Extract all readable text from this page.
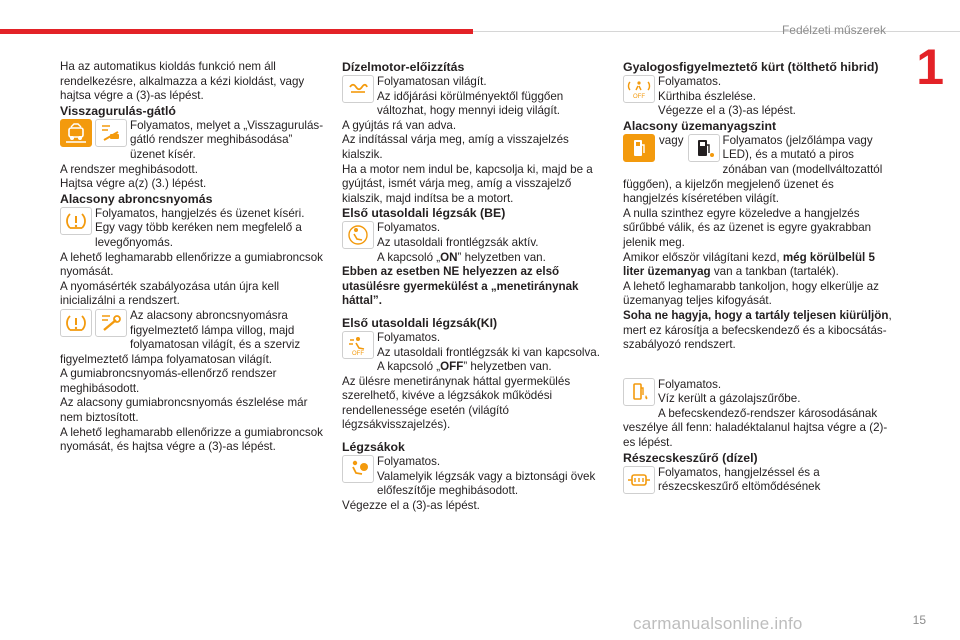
Fedélzeti műszerek
1

Ha az automatikus kioldás funkció nem áll rendelkezésre, alkalmazza a kézi kioldást, vagy hajtsa végre a (3)-as lépést.

Visszagurulás-gátló

Folyamatos, melyet a „Visszagurulás-gátló rendszer meghibásodása” üzenet kísér.

A rendszer meghibásodott.

Hajtsa végre a(z) (3.) lépést.

Alacsony abroncsnyomás

Folyamatos, hangjelzés és üzenet kíséri.

Egy vagy több keréken nem megfelelő a levegőnyomás.

A lehető leghamarabb ellenőrizze a gumiabroncsok nyomását.

A nyomásérték szabályozása után újra kell inicializálni a rendszert.

Az alacsony abroncsnyomásra figyelmeztető lámpa villog, majd folyamatosan világít, és a szerviz figyelmeztető lámpa folyamatosan világít.

A gumiabroncsnyomás-ellenőrző rendszer meghibásodott.

Az alacsony gumiabroncsnyomás észlelése már nem biztosított.

A lehető leghamarabb ellenőrizze a gumiabroncsok nyomását, és hajtsa végre a (3)-as lépést.

Dízelmotor-előizzítás

Folyamatosan világít.

Az időjárási körülményektől függően változhat, hogy mennyi ideig világít.

A gyújtás rá van adva.

Az indítással várja meg, amíg a visszajelzés kialszik.

Ha a motor nem indul be, kapcsolja ki, majd be a gyújtást, ismét várja meg, amíg a visszajelző kialszik, majd indítsa be a motort.

Első utasoldali légzsák (BE)

Folyamatos.

Az utasoldali frontlégzsák aktív.

A kapcsoló „ON” helyzetben van.

Ebben az esetben NE helyezzen az első utasülésre gyermekülést a „menetiránynak háttal”.

Első utasoldali légzsák(KI)

OFF

Folyamatos.

Az utasoldali frontlégzsák ki van kapcsolva.

A kapcsoló „OFF” helyzetben van.

Az ülésre menetiránynak háttal gyermekülés szerelhető, kivéve a légzsákok működési rendellenessége esetén (világító légzsákvisszajelzés).

Légzsákok

Folyamatos.

Valamelyik légzsák vagy a biztonsági övek előfeszítője meghibásodott.

Végezze el a (3)-as lépést.

Gyalogosfigyelmeztető kürt (tölthető hibrid)

OFF

Folyamatos.

Kürthiba észlelése.

Végezze el a (3)-as lépést.

Alacsony üzemanyagszint

vagy	Folyamatos (jelzőlámpa vagy LED), és a mutató a piros zónában van (modellváltozattól függően), a kijelzőn megjelenő üzenet és hangjelzés kíséretében világít.

A nulla szinthez egyre közeledve a hangjelzés sűrűbbé válik, és az üzenet is egyre gyakrabban jelenik meg.

Amikor először világítani kezd, még körülbelül 5 liter üzemanyag van a tankban (tartalék).

A lehető leghamarabb tankoljon, hogy elkerülje az üzemanyag teljes kifogyását.

Soha ne hagyja, hogy a tartály teljesen kiürüljön, mert ez károsítja a befecskendező és a kibocsátás-szabályozó rendszert.

Folyamatos.

Víz került a gázolajszűrőbe.

A befecskendező-rendszer károsodásának veszélye áll fenn: haladéktalanul hajtsa végre a (2)-es lépést.

Részecskeszűrő (dízel)

Folyamatos, hangjelzéssel és a részecskeszűrő eltömődésének

carmanualsonline.info	15
